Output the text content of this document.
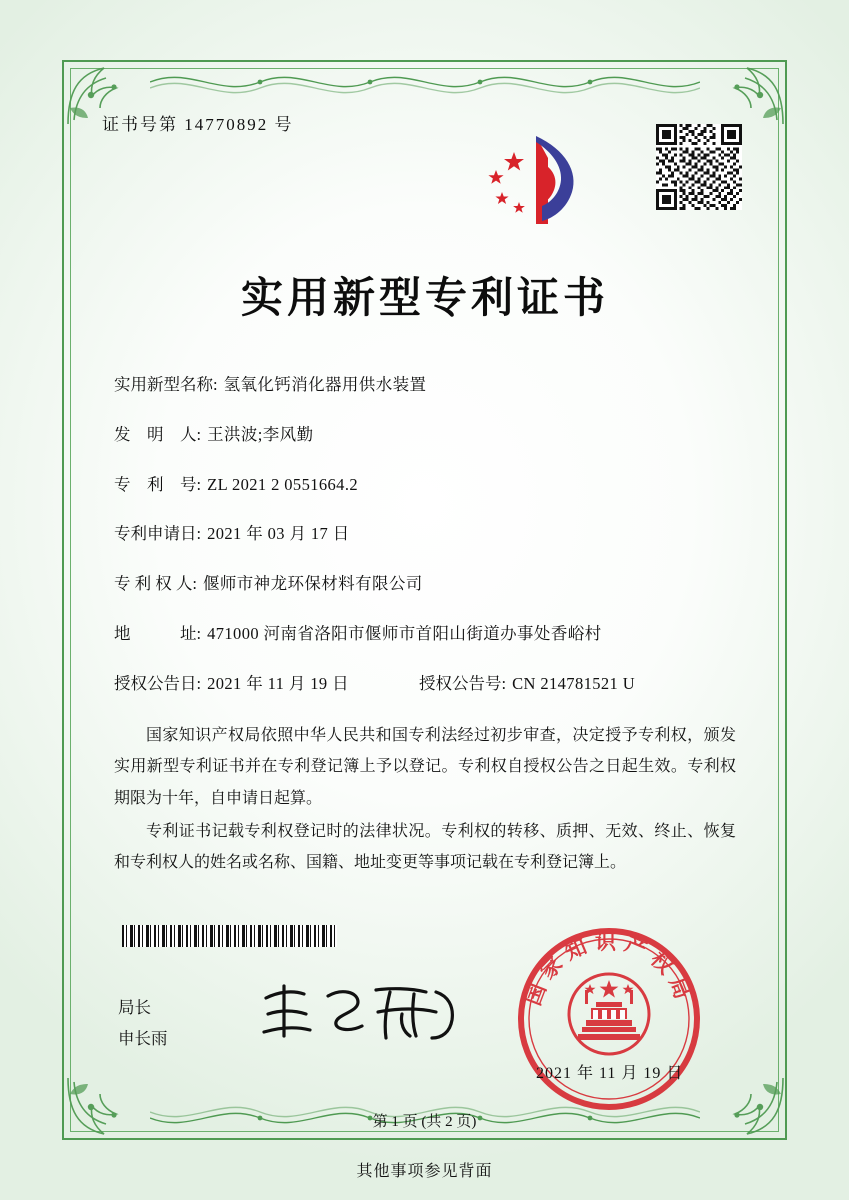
证书号第 14770892 号
实用新型专利证书
实用新型名称: 氢氧化钙消化器用供水装置
发　明　人: 王洪波;李风勤
专　利　号: ZL 2021 2 0551664.2
专利申请日: 2021 年 03 月 17 日
专 利 权 人: 偃师市神龙环保材料有限公司
地　　　址: 471000 河南省洛阳市偃师市首阳山街道办事处香峪村
授权公告日: 2021 年 11 月 19 日	授权公告号: CN 214781521 U

国家知识产权局依照中华人民共和国专利法经过初步审查，决定授予专利权，颁发实用新型专利证书并在专利登记簿上予以登记。专利权自授权公告之日起生效。专利权期限为十年，自申请日起算。

专利证书记载专利权登记时的法律状况。专利权的转移、质押、无效、终止、恢复和专利权人的姓名或名称、国籍、地址变更等事项记载在专利登记簿上。

局长
申长雨
国家知识产权局
2021 年 11 月 19 日
第 1 页 (共 2 页)
其他事项参见背面
